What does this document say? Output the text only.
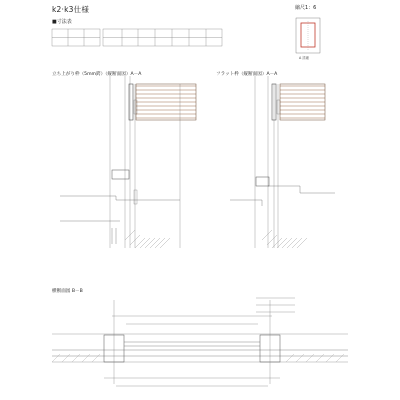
k2·k3仕様	縮尺1：6
■寸法表
立ち上がり枠（5mm鍔）（縦断面図）A－A	フラット枠（縦断面図）A－A
横断面図 B－B
A 詳細
